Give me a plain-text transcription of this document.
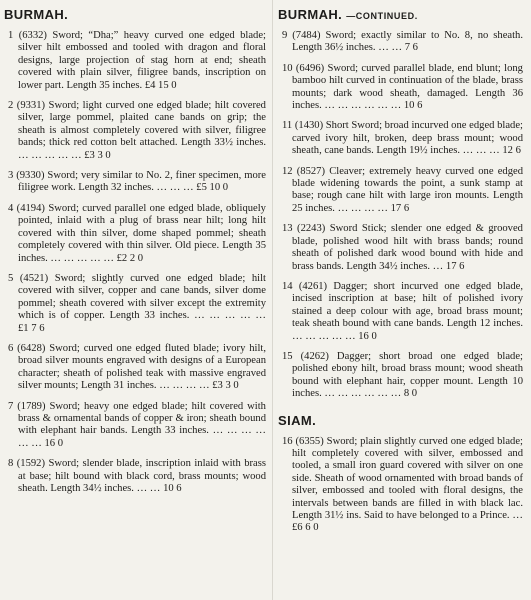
BURMAH.

1 (6332) Sword; “Dha;” heavy curved one edged blade; silver hilt embossed and tooled with dragon and floral designs, large projection of stag horn at end; sheath covered with plain silver, filigree bands, inscription on lower part. Length 35 inches. £4 15 0

2 (9331) Sword; light curved one edged blade; hilt covered silver, large pommel, plaited cane bands on grip; the sheath is almost completely covered with silver, filigree bands; thick red cotton belt attached. Length 33½ inches. … … … … … £3 3 0

3 (9330) Sword; very similar to No. 2, finer specimen, more filigree work. Length 32 inches. … … … £5 10 0

4 (4194) Sword; curved parallel one edged blade, obliquely pointed, inlaid with a plug of brass near hilt; long hilt covered with thin silver, dome shaped pommel; sheath completely covered with thin silver. Old piece. Length 35 inches. … … … … … £2 2 0

5 (4521) Sword; slightly curved one edged blade; hilt covered with silver, copper and cane bands, silver dome pommel; sheath covered with silver except the extremity which is of copper. Length 33 inches. … … … … … £1 7 6

6 (6428) Sword; curved one edged fluted blade; ivory hilt, broad silver mounts engraved with designs of a European character; sheath of polished teak with massive engraved silver mounts; Length 31 inches. … … … … £3 3 0

7 (1789) Sword; heavy one edged blade; hilt covered with brass & ornamental bands of copper & iron; sheath bound with elephant hair bands. Length 33 inches. … … … … … … 16 0

8 (1592) Sword; slender blade, inscription inlaid with brass at base; hilt bound with black cord, brass mounts; wood sheath. Length 34½ inches. … … 10 6

BURMAH. —CONTINUED.

9 (7484) Sword; exactly similar to No. 8, no sheath. Length 36½ inches. … … 7 6

10 (6496) Sword; curved parallel blade, end blunt; long bamboo hilt curved in continuation of the blade, brass mounts; dark wood sheath, damaged. Length 36 inches. … … … … … … 10 6

11 (1430) Short Sword; broad incurved one edged blade; carved ivory hilt, broken, deep brass mount; wood sheath, cane bands. Length 19½ inches. … … … 12 6

12 (8527) Cleaver; extremely heavy curved one edged blade widening towards the point, a sunk stamp at base; rough cane hilt with large iron mounts. Length 25 inches. … … … … 17 6

13 (2243) Sword Stick; slender one edged & grooved blade, polished wood hilt with brass bands; round sheath of polished dark wood bound with hide and brass bands. Length 34½ inches. … 17 6

14 (4261) Dagger; short incurved one edged blade, incised inscription at base; hilt of polished ivory stained a deep colour with age, broad brass mount; teak sheath bound with cane bands. Length 12 inches. … … … … … 16 0

15 (4262) Dagger; short broad one edged blade; polished ebony hilt, broad brass mount; wood sheath bound with elephant hair, copper mount. Length 10 inches. … … … … … … 8 0

SIAM.

16 (6355) Sword; plain slightly curved one edged blade; hilt completely covered with silver, embossed and tooled, a small iron guard covered with silver on one side. Sheath of wood ornamented with broad bands of silver, embossed and tooled with floral designs, the intervals between bands are filled in with black lac. Length 31½ ins. Said to have belonged to a Prince. … £6 6 0
